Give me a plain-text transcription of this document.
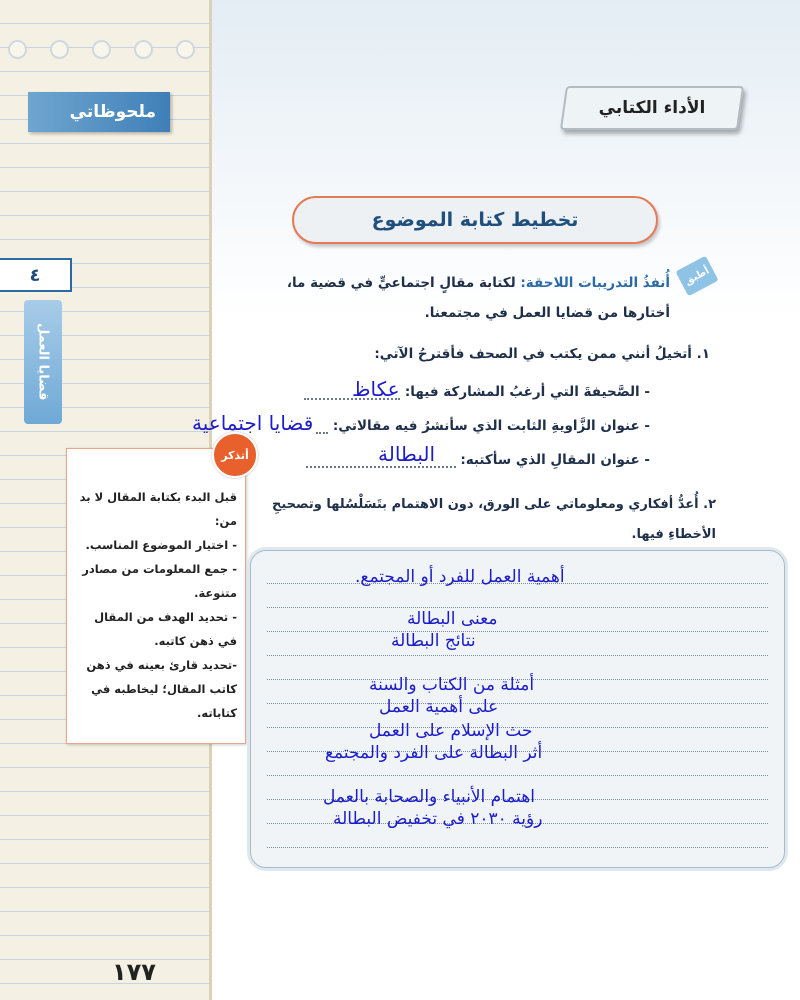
ملحوظاتي
٤
قضايا العمل
١٧٧
قبل البدء بكتابة المقال لا بد من:
- اختيار الموضوع المناسب.
- جمع المعلومات من مصادر متنوعة.
- تحديد الهدف من المقال في ذهن كاتبه.
-تحديد قارئ بعينه في ذهن كاتب المقال؛ ليخاطبه في كتاباته.
أتذكر
الأداء الكتابي
تخطيط كتابة الموضوع
أطبق
أُنفذُ التدريبات اللاحقة: لكتابة مقالٍ اجتماعيٍّ في قضية ما، أختارها من قضايا العمل في مجتمعنا.
١. أتخيلُ أنني ممن يكتب في الصحف فأقترحُ الآتي:
- الصَّحيفةَ التي أرغبُ المشاركة فيها:
عكاظ
- عنوان الزَّاويةِ الثابت الذي سأنشرُ فيه مقالاتي:
قضايا اجتماعية
- عنوان المقالِ الذي سأكتبه:
البطالة
٢. أُعدُّ أفكاري ومعلوماتي على الورق، دون الاهتمام بتَسَلْسُلها وتصحيحِ الأخطاءِ فيها.
أهمية العمل للفرد أو المجتمع.
معنى البطالة
نتائج البطالة
أمثلة من الكتاب والسنة
على أهمية العمل
حث الإسلام على العمل
أثر البطالة على الفرد والمجتمع
اهتمام الأنبياء والصحابة بالعمل
رؤية ٢٠٣٠ في تخفيض البطالة
